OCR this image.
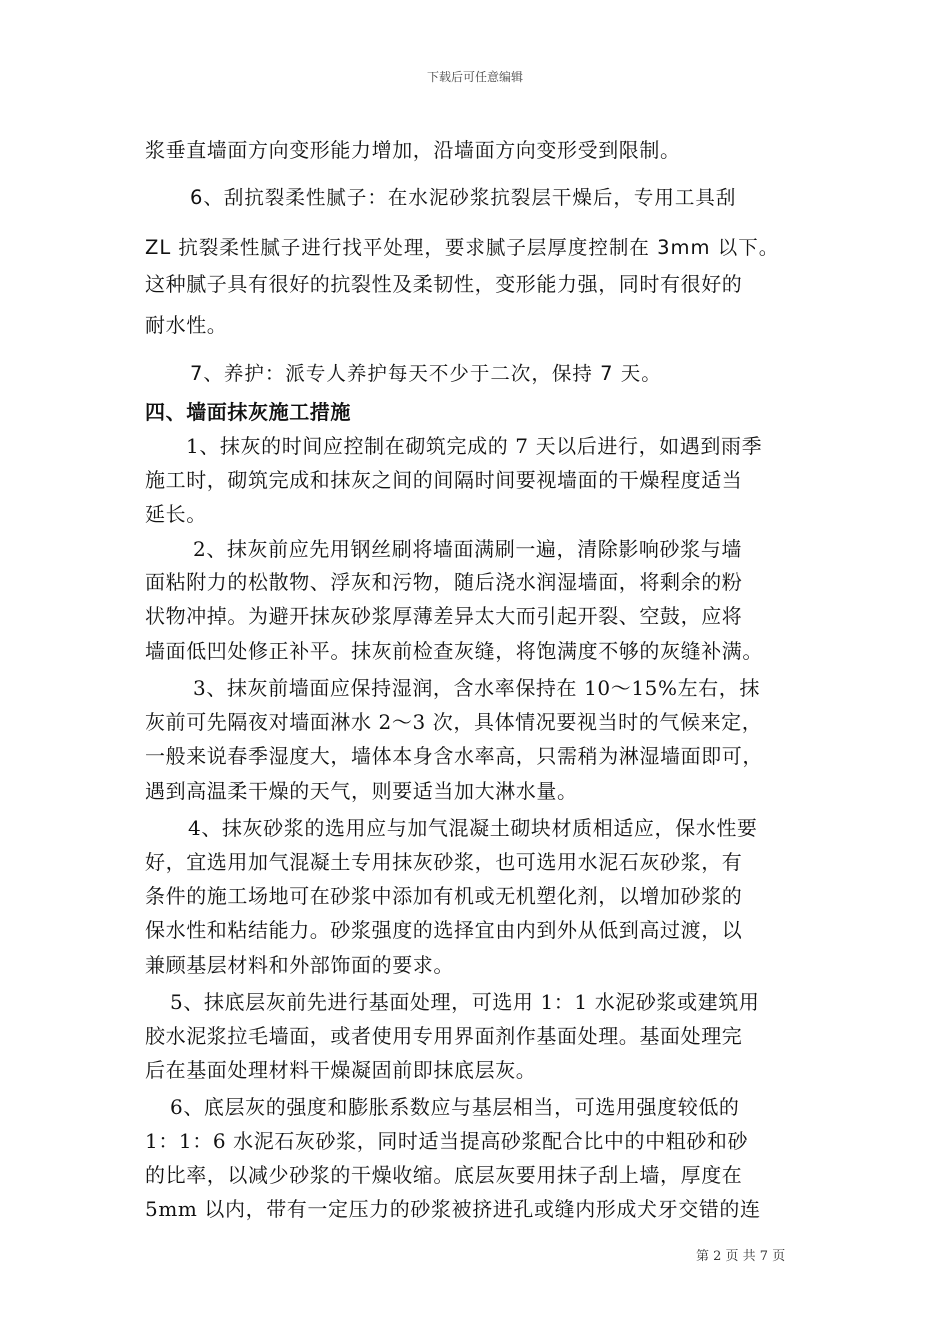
下载后可任意编辑
浆垂直墙面方向变形能力增加，沿墙面方向变形受到限制。
6、刮抗裂柔性腻子：在水泥砂浆抗裂层干燥后，专用工具刮
ZL 抗裂柔性腻子进行找平处理，要求腻子层厚度控制在 3mm 以下。
这种腻子具有很好的抗裂性及柔韧性，变形能力强，同时有很好的
耐水性。
7、养护：派专人养护每天不少于二次，保持 7 天。
四、墙面抹灰施工措施
1、抹灰的时间应控制在砌筑完成的 7 天以后进行，如遇到雨季
施工时，砌筑完成和抹灰之间的间隔时间要视墙面的干燥程度适当
延长。
2、抹灰前应先用钢丝刷将墙面满刷一遍，清除影响砂浆与墙
面粘附力的松散物、浮灰和污物，随后浇水润湿墙面，将剩余的粉
状物冲掉。为避开抹灰砂浆厚薄差异太大而引起开裂、空鼓，应将
墙面低凹处修正补平。抹灰前检查灰缝，将饱满度不够的灰缝补满。
3、抹灰前墙面应保持湿润，含水率保持在 10～15%左右，抹
灰前可先隔夜对墙面淋水 2～3 次，具体情况要视当时的气候来定，
一般来说春季湿度大，墙体本身含水率高，只需稍为淋湿墙面即可，
遇到高温柔干燥的天气，则要适当加大淋水量。
4、抹灰砂浆的选用应与加气混凝土砌块材质相适应，保水性要
好，宜选用加气混凝土专用抹灰砂浆，也可选用水泥石灰砂浆，有
条件的施工场地可在砂浆中添加有机或无机塑化剂，以增加砂浆的
保水性和粘结能力。砂浆强度的选择宜由内到外从低到高过渡，以
兼顾基层材料和外部饰面的要求。
5、抹底层灰前先进行基面处理，可选用 1：1 水泥砂浆或建筑用
胶水泥浆拉毛墙面，或者使用专用界面剂作基面处理。基面处理完
后在基面处理材料干燥凝固前即抹底层灰。
6、底层灰的强度和膨胀系数应与基层相当，可选用强度较低的
1：1：6 水泥石灰砂浆，同时适当提高砂浆配合比中的中粗砂和砂
的比率，以减少砂浆的干燥收缩。底层灰要用抹子刮上墙，厚度在
5mm 以内，带有一定压力的砂浆被挤进孔或缝内形成犬牙交错的连
第 2 页 共 7 页
